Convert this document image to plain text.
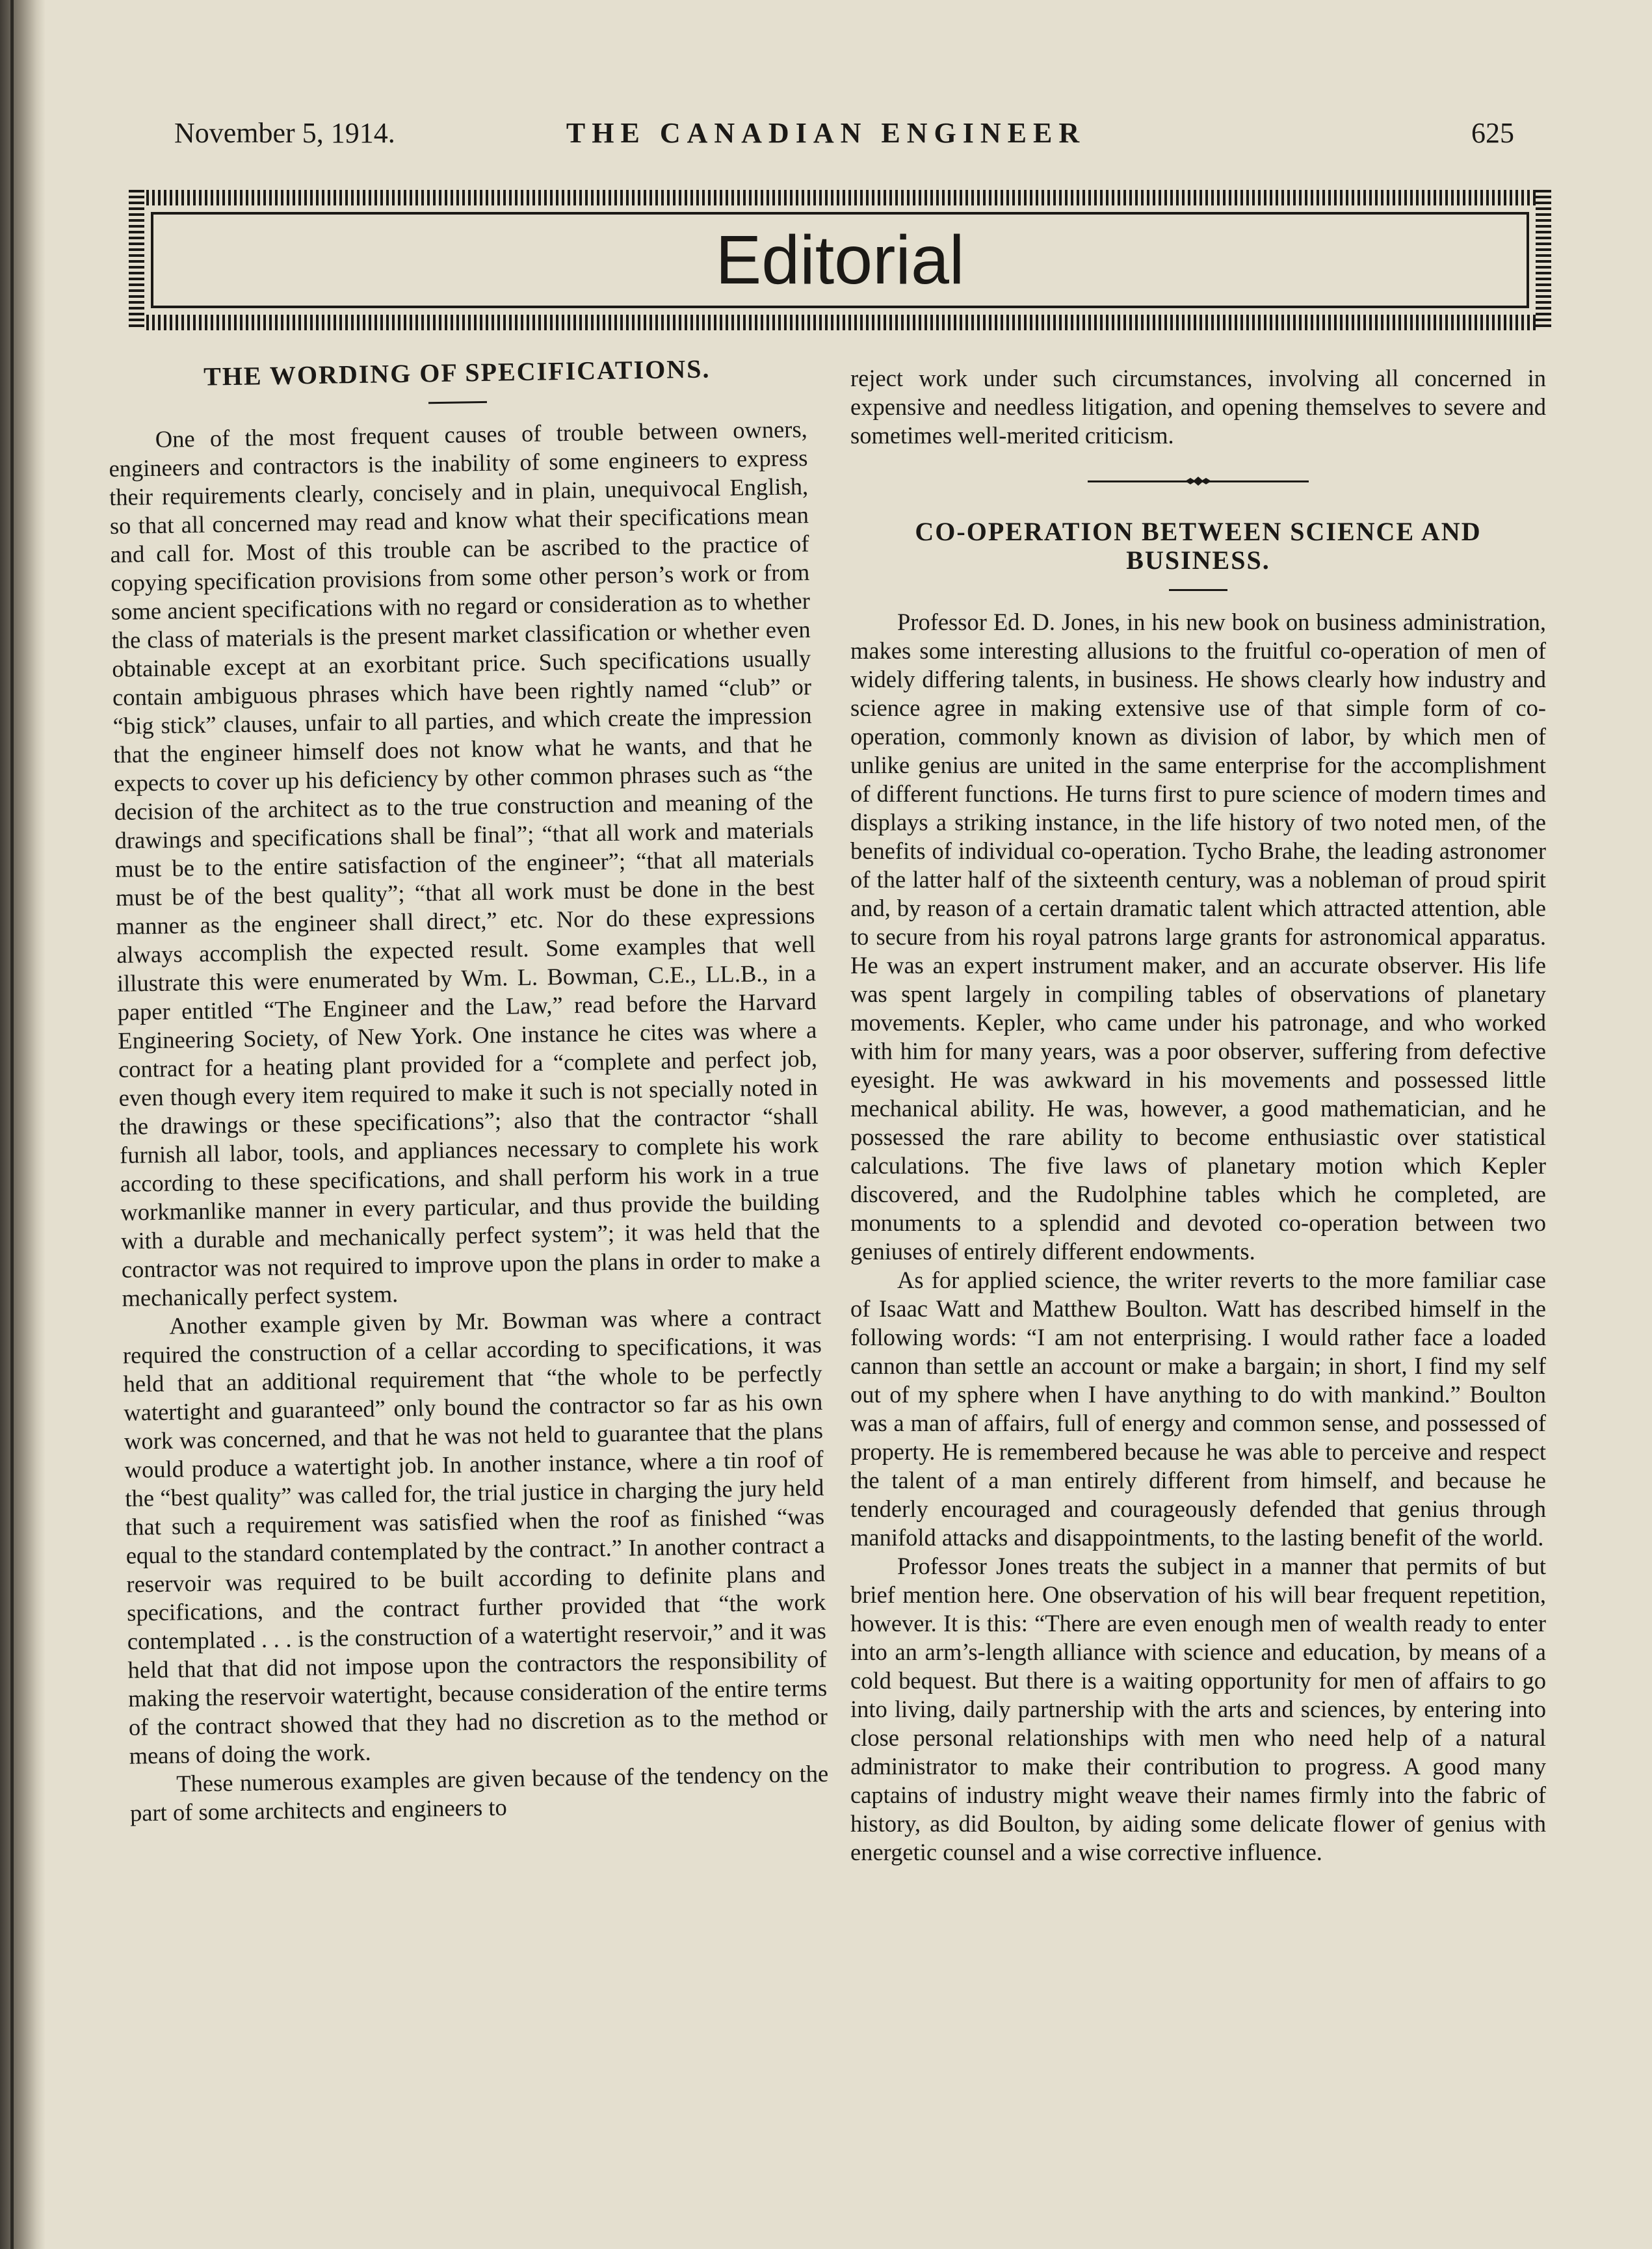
November 5, 1914.	THE CANADIAN ENGINEER	625
Editorial
THE WORDING OF SPECIFICATIONS.

One of the most frequent causes of trouble between owners, engineers and contractors is the inability of some engineers to express their requirements clearly, concisely and in plain, unequivocal English, so that all concerned may read and know what their specifications mean and call for. Most of this trouble can be ascribed to the practice of copying specification provisions from some other person’s work or from some ancient specifications with no regard or consideration as to whether the class of materials is the present market classification or whether even obtainable except at an exorbitant price. Such specifications usually contain ambiguous phrases which have been rightly named “club” or “big stick” clauses, unfair to all parties, and which create the impression that the engineer himself does not know what he wants, and that he expects to cover up his deficiency by other common phrases such as “the decision of the architect as to the true construction and meaning of the drawings and specifications shall be final”; “that all work and materials must be to the entire satisfaction of the engineer”; “that all materials must be of the best quality”; “that all work must be done in the best manner as the engineer shall direct,” etc. Nor do these expressions always accomplish the expected result. Some examples that well illustrate this were enumerated by Wm. L. Bowman, C.E., LL.B., in a paper entitled “The Engineer and the Law,” read before the Harvard Engineering Society, of New York. One instance he cites was where a contract for a heating plant provided for a “complete and perfect job, even though every item required to make it such is not specially noted in the drawings or these specifications”; also that the contractor “shall furnish all labor, tools, and appliances necessary to complete his work according to these specifications, and shall perform his work in a true workmanlike manner in every particular, and thus provide the building with a durable and mechanically perfect system”; it was held that the contractor was not required to improve upon the plans in order to make a mechanically perfect system.

Another example given by Mr. Bowman was where a contract required the construction of a cellar according to specifications, it was held that an additional requirement that “the whole to be perfectly watertight and guaranteed” only bound the contractor so far as his own work was concerned, and that he was not held to guarantee that the plans would produce a watertight job. In another instance, where a tin roof of the “best quality” was called for, the trial justice in charging the jury held that such a requirement was satisfied when the roof as finished “was equal to the standard contemplated by the contract.” In another contract a reservoir was required to be built according to definite plans and specifications, and the contract further provided that “the work contemplated . . . is the construction of a watertight reservoir,” and it was held that that did not impose upon the contractors the responsibility of making the reservoir watertight, because consideration of the entire terms of the contract showed that they had no discretion as to the method or means of doing the work.

These numerous examples are given because of the tendency on the part of some architects and engineers to

reject work under such circumstances, involving all concerned in expensive and needless litigation, and opening themselves to severe and sometimes well-merited criticism.

CO-OPERATION BETWEEN SCIENCE AND BUSINESS.

Professor Ed. D. Jones, in his new book on business administration, makes some interesting allusions to the fruitful co-operation of men of widely differing talents, in business. He shows clearly how industry and science agree in making extensive use of that simple form of co-operation, commonly known as division of labor, by which men of unlike genius are united in the same enterprise for the accomplishment of different functions. He turns first to pure science of modern times and displays a striking instance, in the life history of two noted men, of the benefits of individual co-operation. Tycho Brahe, the leading astronomer of the latter half of the sixteenth century, was a nobleman of proud spirit and, by reason of a certain dramatic talent which attracted attention, able to secure from his royal patrons large grants for astronomical apparatus. He was an expert instrument maker, and an accurate observer. His life was spent largely in compiling tables of observations of planetary movements. Kepler, who came under his patronage, and who worked with him for many years, was a poor observer, suffering from defective eyesight. He was awkward in his movements and possessed little mechanical ability. He was, however, a good mathematician, and he possessed the rare ability to become enthusiastic over statistical calculations. The five laws of planetary motion which Kepler discovered, and the Rudolphine tables which he completed, are monuments to a splendid and devoted co-operation between two geniuses of entirely different endowments.

As for applied science, the writer reverts to the more familiar case of Isaac Watt and Matthew Boulton. Watt has described himself in the following words: “I am not enterprising. I would rather face a loaded cannon than settle an account or make a bargain; in short, I find my self out of my sphere when I have anything to do with mankind.” Boulton was a man of affairs, full of energy and common sense, and possessed of property. He is remembered because he was able to perceive and respect the talent of a man entirely different from himself, and because he tenderly encouraged and courageously defended that genius through manifold attacks and disappointments, to the lasting benefit of the world.

Professor Jones treats the subject in a manner that permits of but brief mention here. One observation of his will bear frequent repetition, however. It is this: “There are even enough men of wealth ready to enter into an arm’s-length alliance with science and education, by means of a cold bequest. But there is a waiting opportunity for men of affairs to go into living, daily partnership with the arts and sciences, by entering into close personal relationships with men who need help of a natural administrator to make their contribution to progress. A good many captains of industry might weave their names firmly into the fabric of history, as did Boulton, by aiding some delicate flower of genius with energetic counsel and a wise corrective influence.
